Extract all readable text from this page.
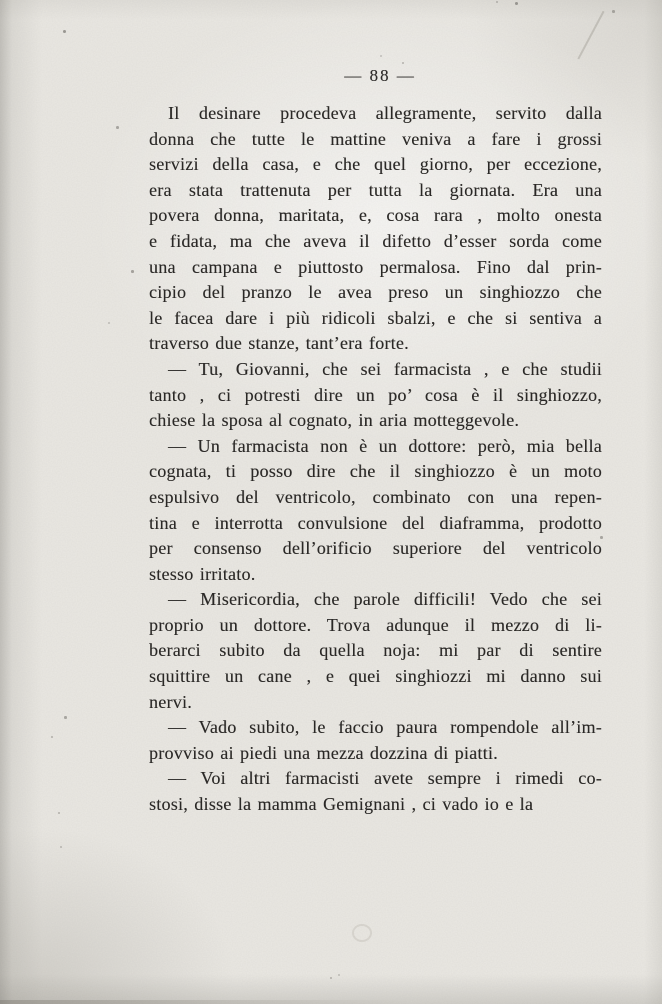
— 88 —

Il desinare procedeva allegramente, servito dalla
donna che tutte le mattine veniva a fare i grossi
servizi della casa, e che quel giorno, per eccezione,
era stata trattenuta per tutta la giornata. Era una
povera donna, maritata, e, cosa rara , molto onesta
e fidata, ma che aveva il difetto d’esser sorda come
una campana e piuttosto permalosa. Fino dal prin-
cipio del pranzo le avea preso un singhiozzo che
le facea dare i più ridicoli sbalzi, e che si sentiva a
traverso due stanze, tant’era forte.

— Tu, Giovanni, che sei farmacista , e che studii
tanto , ci potresti dire un po’ cosa è il singhiozzo,
chiese la sposa al cognato, in aria motteggevole.

— Un farmacista non è un dottore: però, mia bella
cognata, ti posso dire che il singhiozzo è un moto
espulsivo del ventricolo, combinato con una repen-
tina e interrotta convulsione del diaframma, prodotto
per consenso dell’orificio superiore del ventricolo
stesso irritato.

— Misericordia, che parole difficili! Vedo che sei
proprio un dottore. Trova adunque il mezzo di li-
berarci subito da quella noja: mi par di sentire
squittire un cane , e quei singhiozzi mi danno sui
nervi.

— Vado subito, le faccio paura rompendole all’im-
provviso ai piedi una mezza dozzina di piatti.

— Voi altri farmacisti avete sempre i rimedi co-
stosi, disse la mamma Gemignani , ci vado io e la
